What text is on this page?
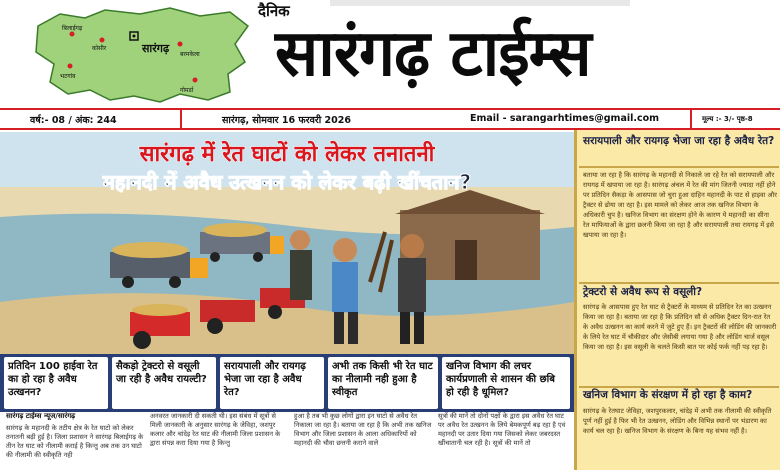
सारंगढ़
बिलाईगढ़
कोसीर
बरमकेला
भटगांव
गोमर्डा
दैनिक
सारंगढ़ टाईम्स
वर्ष:- 08 / अंक: 244	सारंगढ़, सोमवार 16 फरवरी 2026	Email - sarangarhtimes@gmail.com	मूल्य :- 3/- पृष्ठ-8
सारंगढ़ में रेत घाटों को लेकर तनातनी
महानदी में अवैध उत्खनन को लेकर बढ़ी खींचतान?
प्रतिदिन 100 हाईवा रेत का हो रहा है अवैध उत्खनन?
सैकड़ो ट्रेक्टरो से वसूली जा रही है अवैध रायल्टी?
सरायपाली और रायगढ़ भेजा जा रहा है अवैध रेत?
अभी तक किसी भी रेत घाट का नीलामी नही हुआ है स्वीकृत
खनिज विभाग की लचर कार्यप्रणाली से शासन की छबि हो रही है धूमिल?
सारंगढ़ टाईम्स न्यूज/सारंगढ़
सारंगढ़ के महानदी के तटीय क्षेत्र के रेत घाटो को लेकर तनातनी बढ़ी हुई है। जिला प्रशासन ने सारंगढ़ बिलाईगढ़ के तीन रेत घाट को नीलामी कराई है किन्तु अब तक उन घाटो की नीलामी की स्वीकृति नही
अनवरत जानकारी दी सकती थी। इस संबंध में सूत्रों से मिली जानकारी के अनुसार सारंगढ़ के जेविहा, जशपुर कलार और चांदेइ रेत घाट की नीलामी जिला प्रशासन के द्वारा संपन्न करा दिया गया है किन्तु
हुआ है तब भी कुछ लोगों द्वारा इन घाटो से अवैध रेत निकाला जा रहा है। बताया जा रहा है कि अभी तक खनिज विभाग और जिला प्रशासन के आला अधिकारियों को महानदी की चौवा छत्तनी कराने वाले
सूत्रों की मानें तो दोनों पक्षों के द्वारा इस अवैध रेत घाट पर अवैध रेत उत्खनन के लिये बेमकपूर्ण बढ़ रहा है एवं महानदी पर उतार दिया गया जिसको लेकर जबरदस्त खींचातानी चल रही है। सूत्रों की मानें तो
सरायपाली और रायगढ़ भेजा जा रहा है अवैध रेत?
बताया जा रहा है कि सारंगढ़ के महानदी से निकाले जा रहे रेत को सरायपाली और रायगढ़ में खपाया जा रहा है। सारंगढ़ अंचल में रेत की मांग जितनी ज्यादा नहीं होने पर प्रतिदिन सैकड़ा के आसपास जो चुरा हुआ दाहिन महानदी के पाट से हाइवा और ट्रैक्टर से ढोया जा रहा है। इस मामले को लेकर आज तक खनिज विभाग के अधिकारी चुप है। खनिज विभाग का संरक्षण होने के कारण ये महानदी का सीना रेत माफियाओं के द्वारा छलनी किया जा रहा है और सरायपाली तथा रायगढ़ में इसे खपाया जा रहा है।
ट्रेक्टरो से अवैध रूप से वसूली?
सारंगढ़ के आसपास हुए रेत घाट से ट्रैक्टरों के माध्यम से प्रतिदिन रेत का उत्खनन किया जा रहा है। बताया जा रहा है कि प्रतिदिन सौ से अधिक ट्रैक्टर दिन-रात रेत के अवैध उत्खनन का कार्य करने में जुटे हुए हैं। इन ट्रैक्टरों की लोडिंग की जानकारी के लिये रेत घाट में चौकीदार और जेसीबी लगाया गया है और लोडिंग चार्ज वसूल किया जा रहा है। इस वसूली के चलते किसी बात पर कोई फर्क नहीं पड़ रहा है।
खनिज विभाग के संरक्षण में हो रहा है काम?
सारंगढ़ के रेतघाट जेविहा, जशपुरकलार, चांदेइ में अभी तक नीलामी की स्वीकृति पूर्ण नहीं हुई है फिर भी रेत उत्खनन, लोडिंग और विभिन्न स्थानों पर भंडारण का कार्य चल रहा है। खनिज विभाग के संरक्षण के बिना यह संभव नहीं है।
